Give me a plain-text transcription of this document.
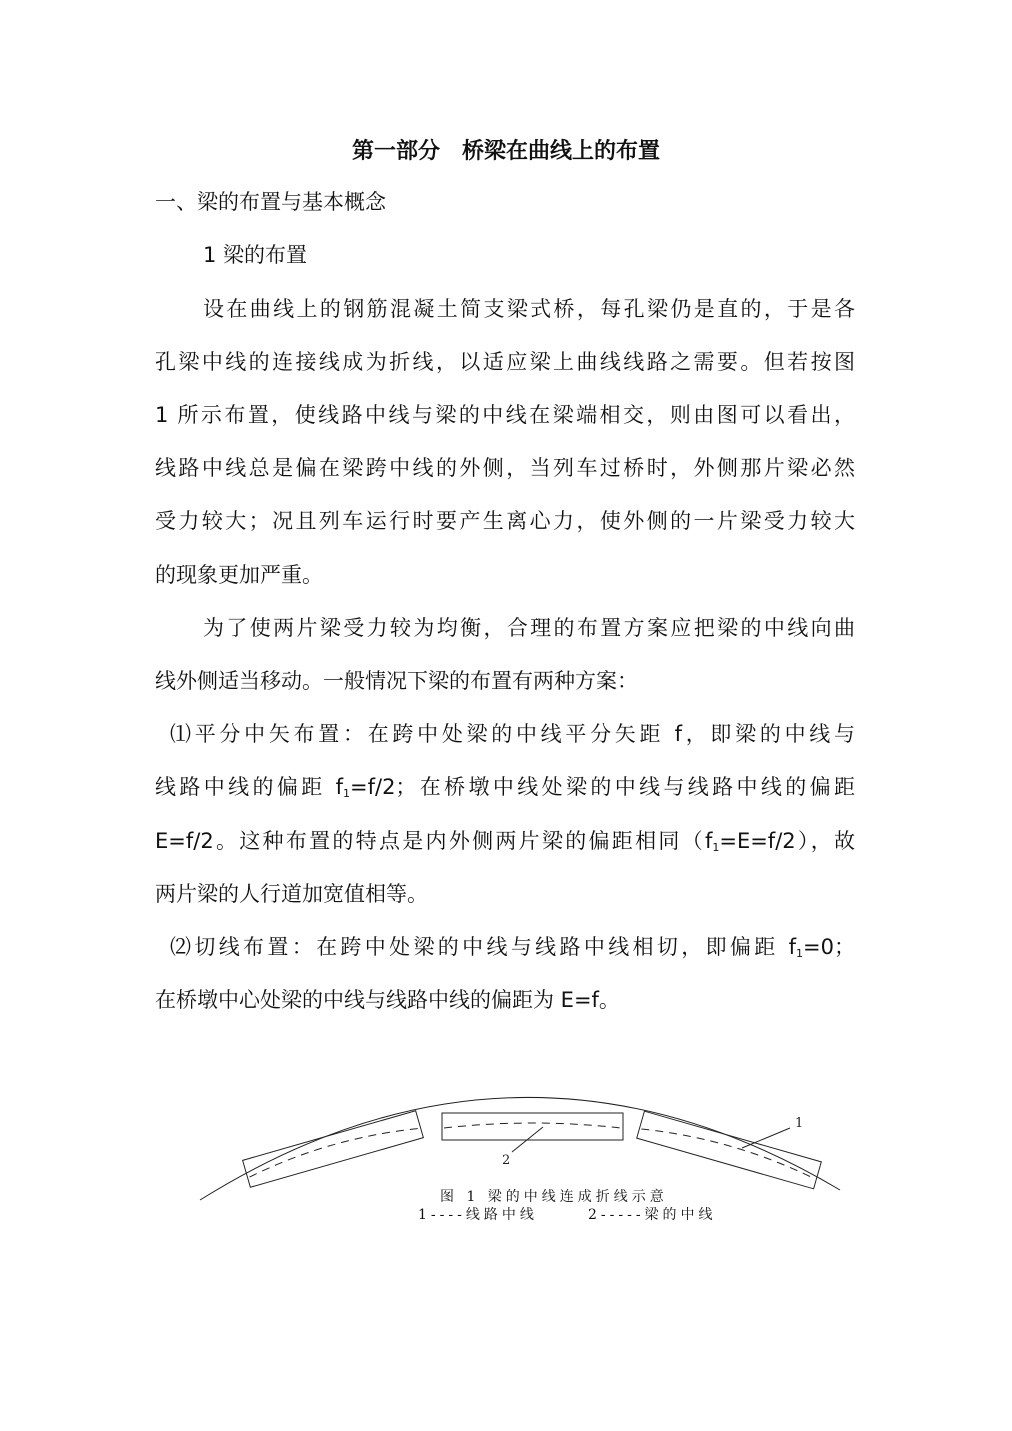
第一部分 桥梁在曲线上的布置
一、梁的布置与基本概念
1 梁的布置
设在曲线上的钢筋混凝土简支梁式桥，每孔梁仍是直的，于是各
孔梁中线的连接线成为折线，以适应梁上曲线线路之需要。但若按图
1 所示布置，使线路中线与梁的中线在梁端相交，则由图可以看出，
线路中线总是偏在梁跨中线的外侧，当列车过桥时，外侧那片梁必然
受力较大；况且列车运行时要产生离心力，使外侧的一片梁受力较大
的现象更加严重。
为了使两片梁受力较为均衡，合理的布置方案应把梁的中线向曲
线外侧适当移动。一般情况下梁的布置有两种方案：
⑴平分中矢布置：在跨中处梁的中线平分矢距 f，即梁的中线与
线路中线的偏距 $f_1=f/2$；在桥墩中线处梁的中线与线路中线的偏距
E=f/2。这种布置的特点是内外侧两片梁的偏距相同$(f_1=E=f/2)$，故
两片梁的人行道加宽值相等。
⑵切线布置：在跨中处梁的中线与线路中线相切，即偏距 $f_1=0$；
在桥墩中心处梁的中线与线路中线的偏距为 E=f。
1
2
图 1 梁的中线连成折线示意
1----线路中线	2-----梁的中线
